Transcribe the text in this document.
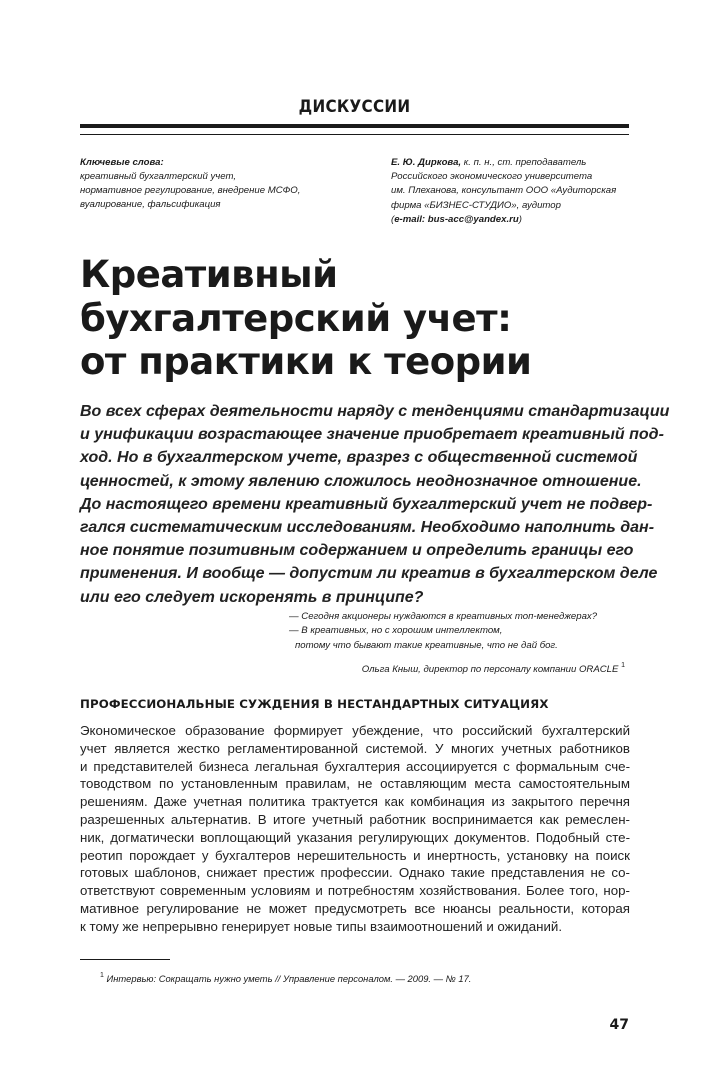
ДИСКУССИИ
Ключевые слова:
креативный бухгалтерский учет,
нормативное регулирование, внедрение МСФО,
вуалирование, фальсификация
Е. Ю. Диркова, к. п. н., ст. преподаватель
Российского экономического университета
им. Плеханова, консультант ООО «Аудиторская
фирма «БИЗНЕС-СТУДИО», аудитор
(e-mail: bus-acc@yandex.ru)
Креативный
бухгалтерский учет:
от практики к теории
Во всех сферах деятельности наряду с тенденциями стандартизации
и унификации возрастающее значение приобретает креативный под-
ход. Но в бухгалтерском учете, вразрез с общественной системой
ценностей, к этому явлению сложилось неоднозначное отношение.
До настоящего времени креативный бухгалтерский учет не подвер-
гался систематическим исследованиям. Необходимо наполнить дан-
ное понятие позитивным содержанием и определить границы его
применения. И вообще — допустим ли креатив в бухгалтерском деле
или его следует искоренять в принципе?
— Сегодня акционеры нуждаются в креативных топ-менеджерах?
— В креативных, но с хорошим интеллектом,
потому что бывают такие креативные, что не дай бог.
Ольга Кныш, директор по персоналу компании ORACLE $^1$
ПРОФЕССИОНАЛЬНЫЕ СУЖДЕНИЯ В НЕСТАНДАРТНЫХ СИТУАЦИЯХ
Экономическое образование формирует убеждение, что российский бухгалтерский
учет является жестко регламентированной системой. У многих учетных работников
и представителей бизнеса легальная бухгалтерия ассоциируется с формальным сче-
товодством по установленным правилам, не оставляющим места самостоятельным
решениям. Даже учетная политика трактуется как комбинация из закрытого перечня
разрешенных альтернатив. В итоге учетный работник воспринимается как ремеслен-
ник, догматически воплощающий указания регулирующих документов. Подобный сте-
реотип порождает у бухгалтеров нерешительность и инертность, установку на поиск
готовых шаблонов, снижает престиж профессии. Однако такие представления не со-
ответствуют современным условиям и потребностям хозяйствования. Более того, нор-
мативное регулирование не может предусмотреть все нюансы реальности, которая
к тому же непрерывно генерирует новые типы взаимоотношений и ожиданий.
$^1$ Интервью: Сокращать нужно уметь // Управление персоналом. — 2009. — № 17.
47
